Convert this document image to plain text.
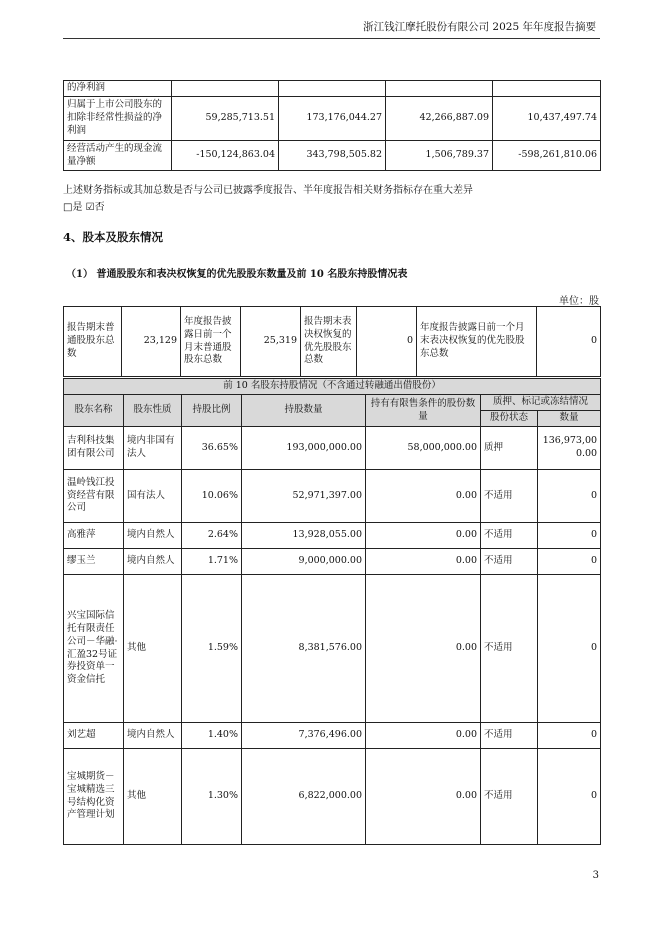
浙江钱江摩托股份有限公司 2025 年年度报告摘要
的净利润				
归属于上市公司股东的扣除非经常性损益的净利润	59,285,713.51	173,176,044.27	42,266,887.09	10,437,497.74
经营活动产生的现金流量净额	-150,124,863.04	343,798,505.82	1,506,789.37	-598,261,810.06
上述财务指标或其加总数是否与公司已披露季度报告、半年度报告相关财务指标存在重大差异
□是 ☑否
4、股本及股东情况
（1） 普通股股东和表决权恢复的优先股股东数量及前 10 名股东持股情况表
单位：股
报告期末普通股股东总数	23,129	年度报告披露日前一个月末普通股股东总数	25,319	报告期末表决权恢复的优先股股东总数	0	年度报告披露日前一个月末表决权恢复的优先股股东总数	0
前 10 名股东持股情况（不含通过转融通出借股份）						
股东名称	股东性质	持股比例	持股数量	持有有限售条件的股份数量	质押、标记或冻结情况	
					股份状态	数量
吉利科技集团有限公司	境内非国有法人	36.65%	193,000,000.00	58,000,000.00	质押	136,973,000.00
温岭钱江投资经营有限公司	国有法人	10.06%	52,971,397.00	0.00	不适用	0
高雅萍	境内自然人	2.64%	13,928,055.00	0.00	不适用	0
缪玉兰	境内自然人	1.71%	9,000,000.00	0.00	不适用	0
兴宝国际信托有限责任公司－华融·汇盈32号证券投资单一资金信托	其他	1.59%	8,381,576.00	0.00	不适用	0
刘艺超	境内自然人	1.40%	7,376,496.00	0.00	不适用	0
宝城期货－宝城精选三号结构化资产管理计划	其他	1.30%	6,822,000.00	0.00	不适用	0
3
